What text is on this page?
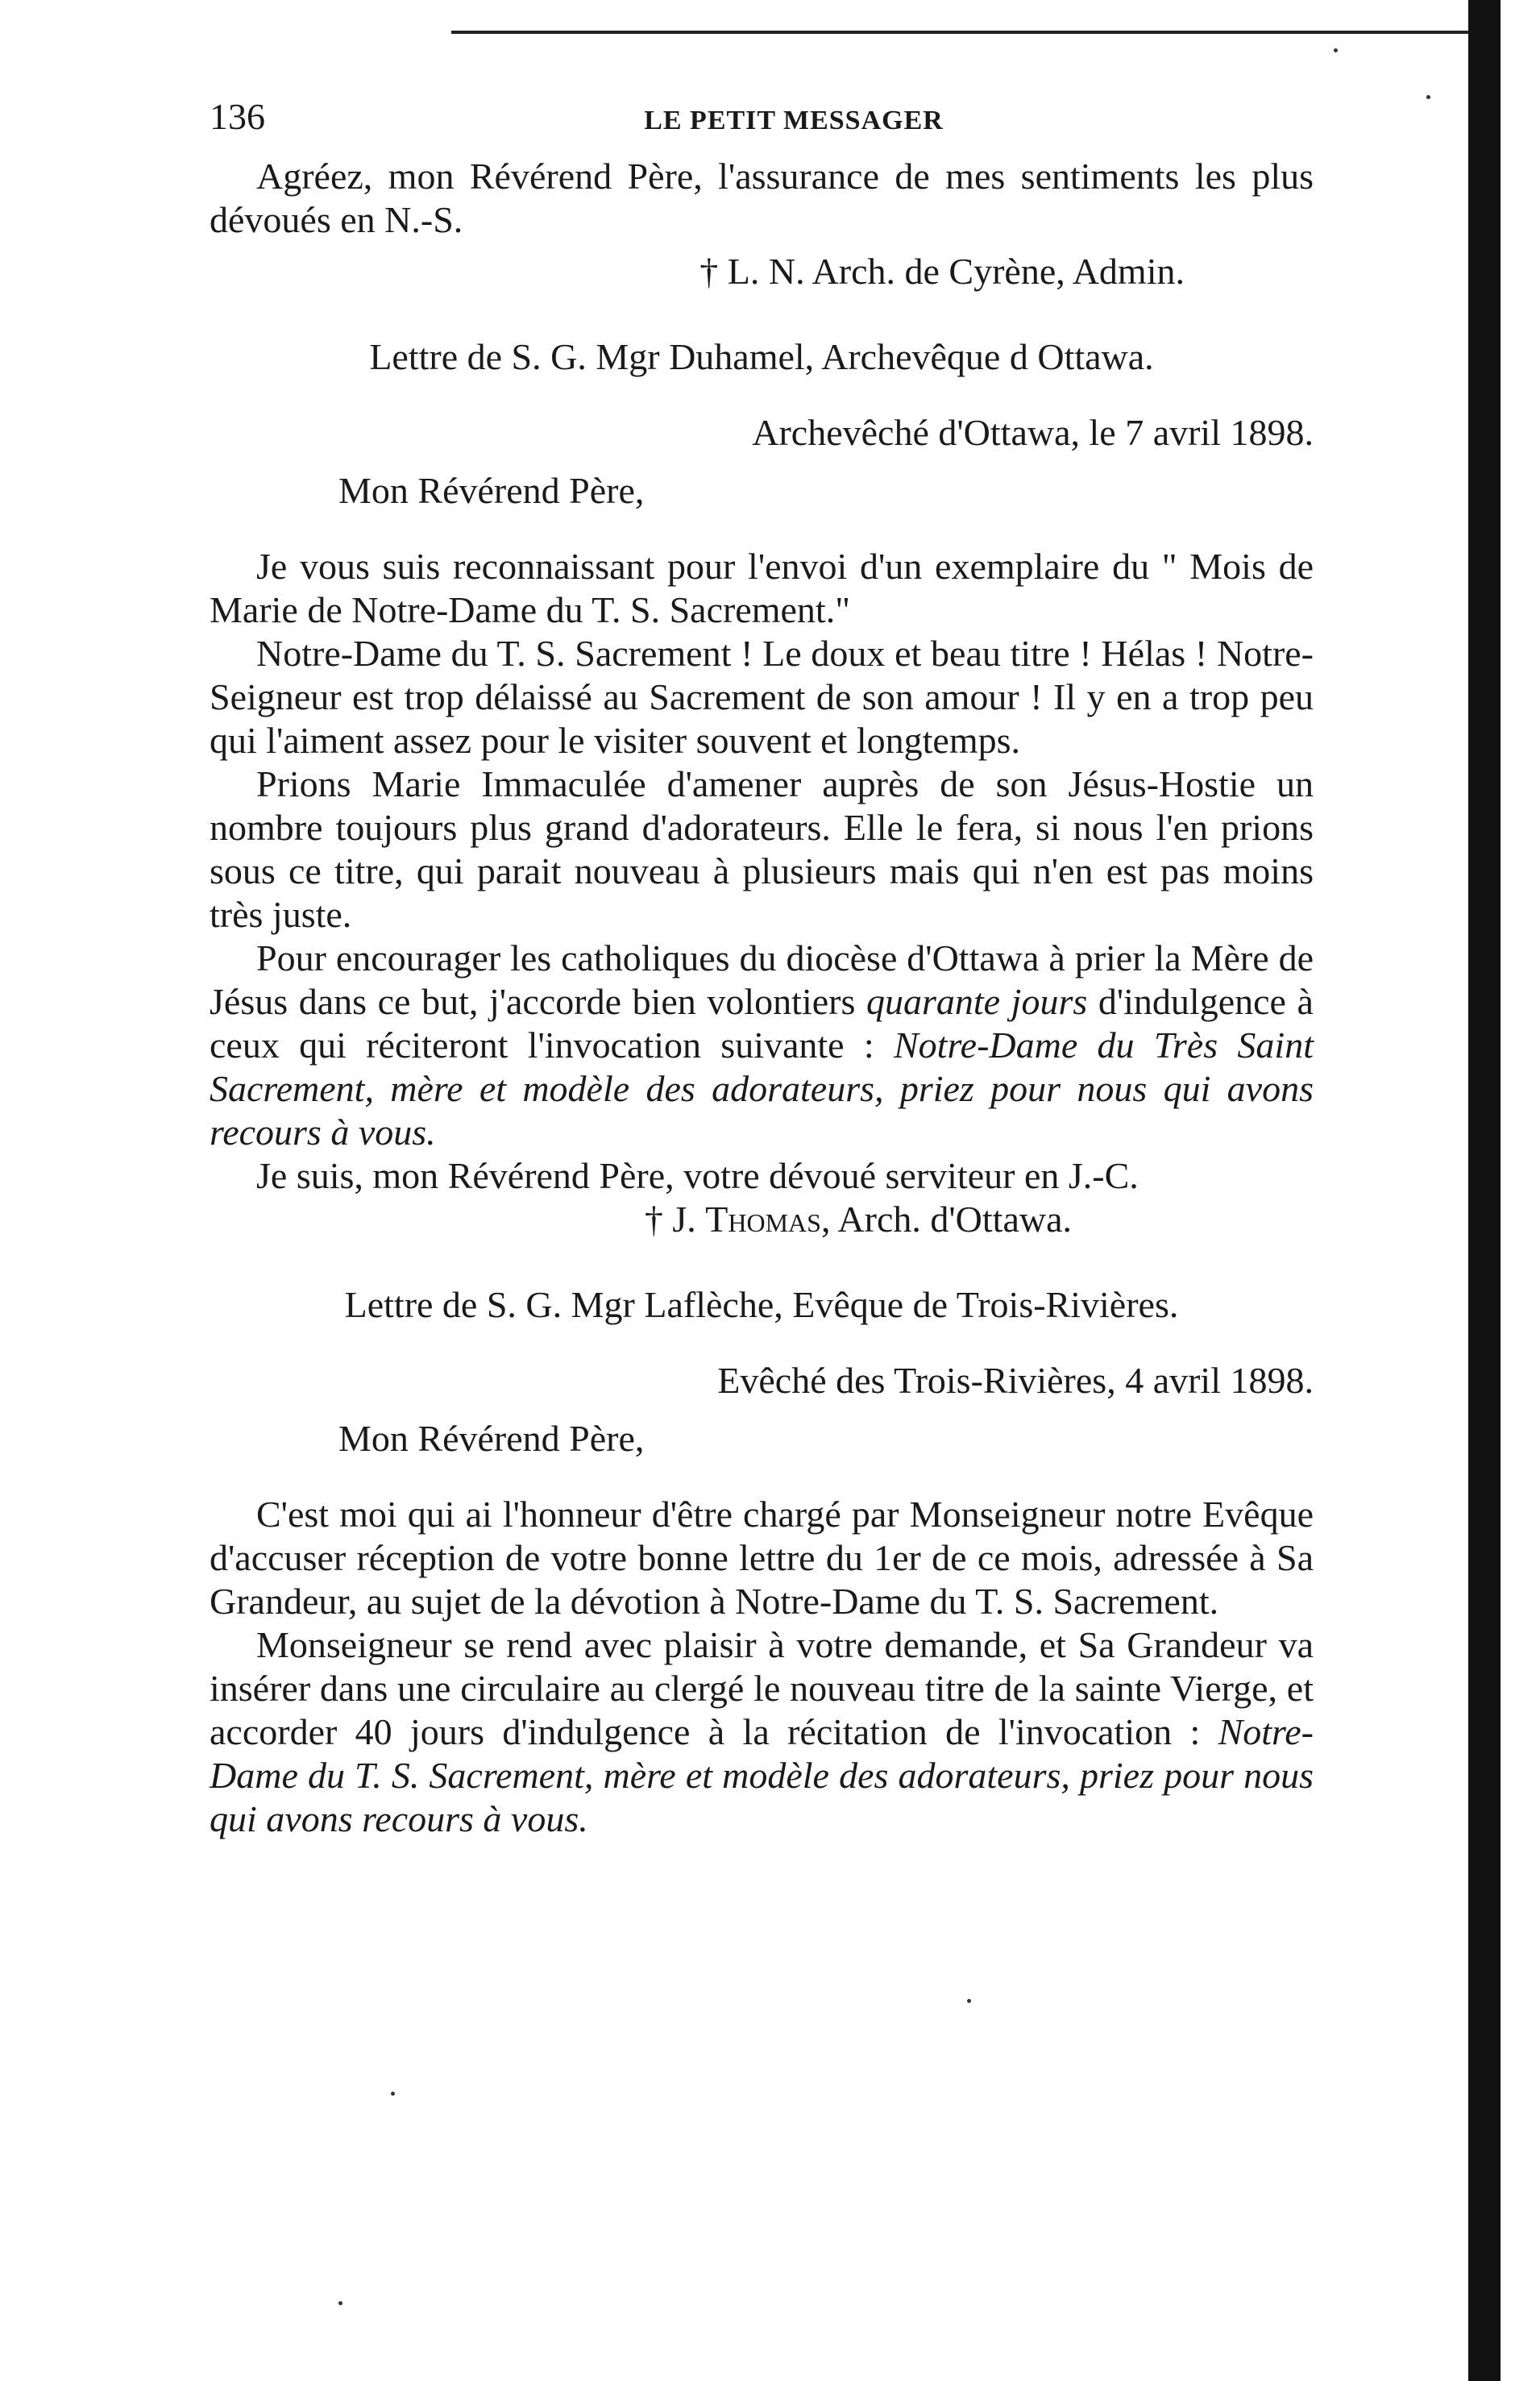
136	LE PETIT MESSAGER

Agréez, mon Révérend Père, l'assurance de mes sentiments les plus dévoués en N.-S.

† L. N. Arch. de Cyrène, Admin.

Lettre de S. G. Mgr Duhamel, Archevêque d Ottawa.

Archevêché d'Ottawa, le 7 avril 1898.

Mon Révérend Père,

Je vous suis reconnaissant pour l'envoi d'un exemplaire du " Mois de Marie de Notre-Dame du T. S. Sacrement."

Notre-Dame du T. S. Sacrement ! Le doux et beau titre ! Hélas ! Notre-Seigneur est trop délaissé au Sacrement de son amour ! Il y en a trop peu qui l'aiment assez pour le visiter souvent et longtemps.

Prions Marie Immaculée d'amener auprès de son Jésus-Hostie un nombre toujours plus grand d'adorateurs. Elle le fera, si nous l'en prions sous ce titre, qui parait nouveau à plusieurs mais qui n'en est pas moins très juste.

Pour encourager les catholiques du diocèse d'Ottawa à prier la Mère de Jésus dans ce but, j'accorde bien volontiers quarante jours d'indulgence à ceux qui réciteront l'invocation suivante : Notre-Dame du Très Saint Sacrement, mère et modèle des adorateurs, priez pour nous qui avons recours à vous.

Je suis, mon Révérend Père, votre dévoué serviteur en J.-C.

† J. Thomas, Arch. d'Ottawa.

Lettre de S. G. Mgr Laflèche, Evêque de Trois-Rivières.

Evêché des Trois-Rivières, 4 avril 1898.

Mon Révérend Père,

C'est moi qui ai l'honneur d'être chargé par Monseigneur notre Evêque d'accuser réception de votre bonne lettre du 1er de ce mois, adressée à Sa Grandeur, au sujet de la dévotion à Notre-Dame du T. S. Sacrement.

Monseigneur se rend avec plaisir à votre demande, et Sa Grandeur va insérer dans une circulaire au clergé le nouveau titre de la sainte Vierge, et accorder 40 jours d'indulgence à la récitation de l'invocation : Notre-Dame du T. S. Sacrement, mère et modèle des adorateurs, priez pour nous qui avons recours à vous.
